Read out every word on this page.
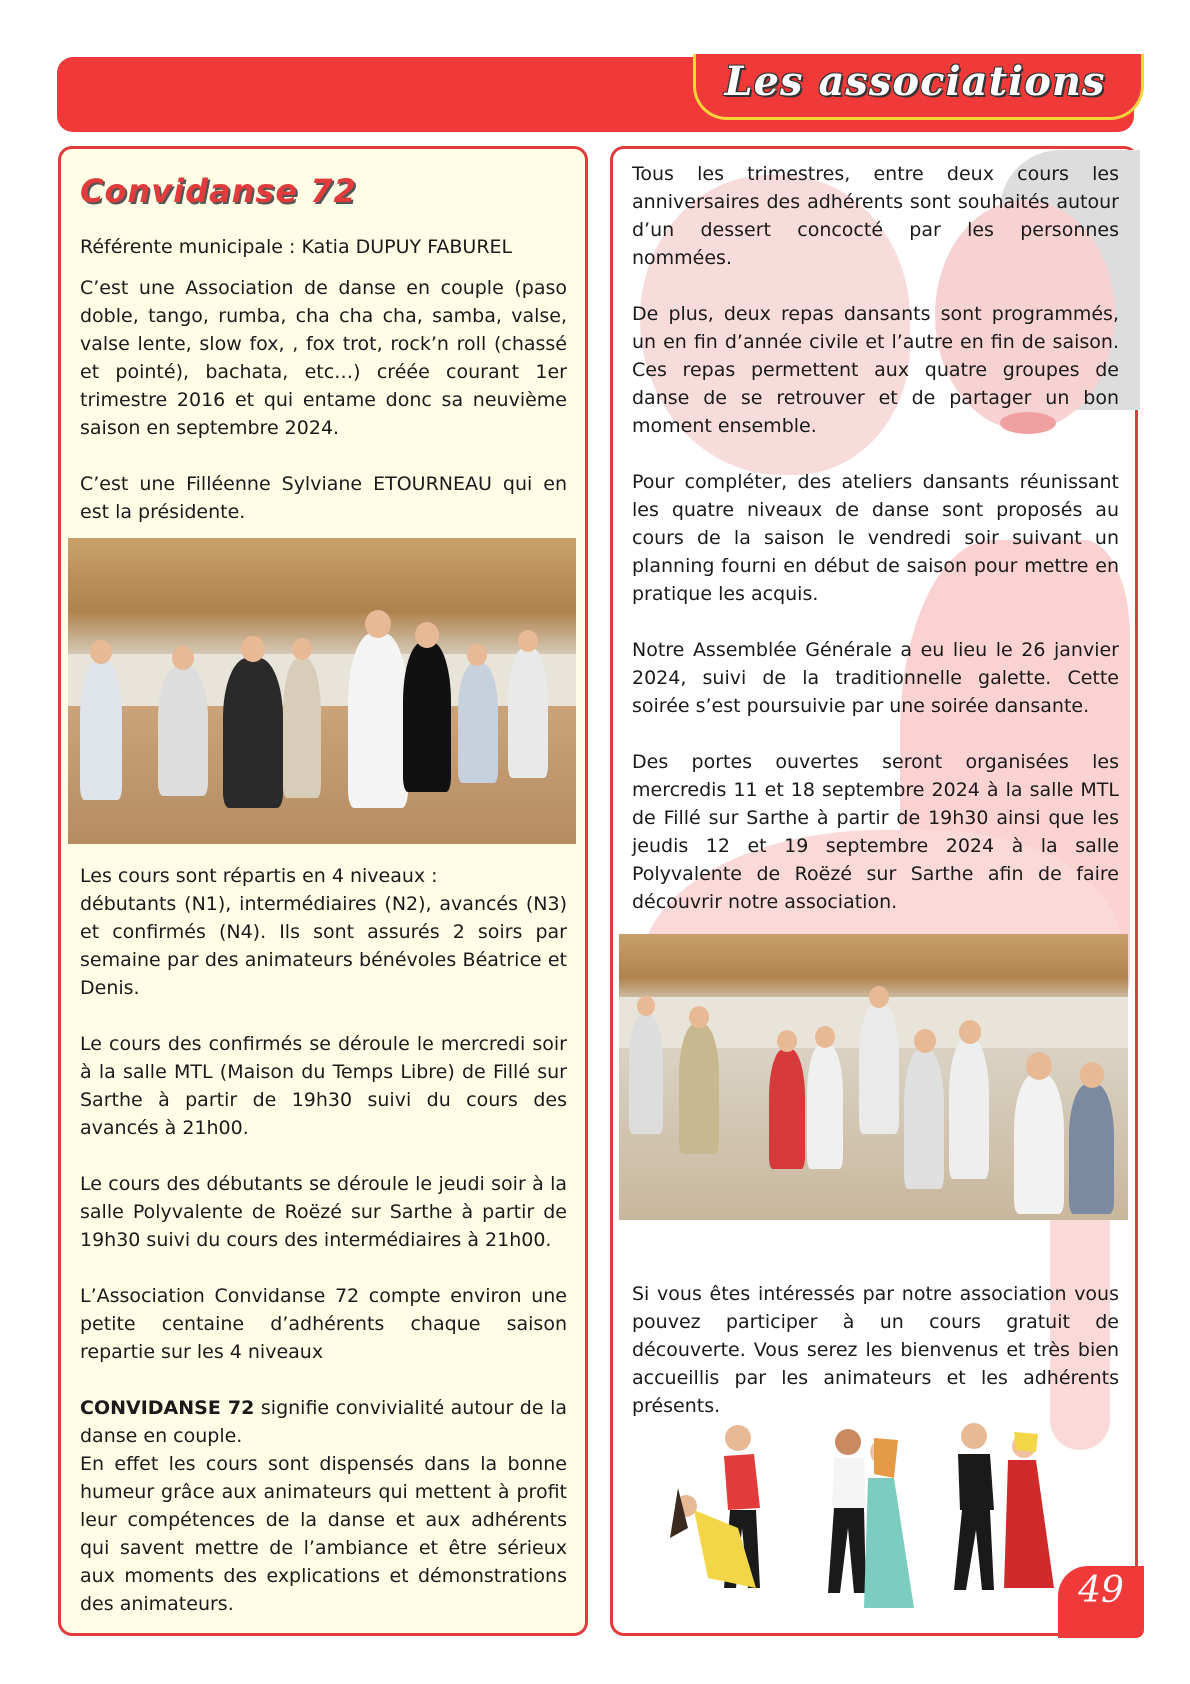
Les associations
Convidanse 72
Référente municipale : Katia DUPUY FABUREL

C’est une Association de danse en couple (paso doble, tango, rumba, cha cha cha, samba, valse, valse lente, slow fox, , fox trot, rock’n roll (chassé et pointé), bachata, etc…) créée courant 1er trimestre 2016 et qui entame donc sa neuvième saison en septembre 2024.

C’est une Filléenne Sylviane ETOURNEAU qui en est la présidente.

Les cours sont répartis en 4 niveaux :
débutants (N1), intermédiaires (N2), avancés (N3) et confirmés (N4). Ils sont assurés 2 soirs par semaine par des animateurs bénévoles Béatrice et Denis.

Le cours des confirmés se déroule le mercredi soir à la salle MTL (Maison du Temps Libre) de Fillé sur Sarthe à partir de 19h30 suivi du cours des avancés à 21h00.

Le cours des débutants se déroule le jeudi soir à la salle Polyvalente de Roëzé sur Sarthe à partir de 19h30 suivi du cours des intermédiaires à 21h00.

L’Association Convidanse 72 compte environ une petite centaine d’adhérents chaque saison repartie sur les 4 niveaux

CONVIDANSE 72 signifie convivialité autour de la danse en couple.
En effet les cours sont dispensés dans la bonne humeur grâce aux animateurs qui mettent à profit leur compétences de la danse et aux adhérents qui savent mettre de l’ambiance et être sérieux aux moments des explications et démonstrations des animateurs.

Tous les trimestres, entre deux cours les anniversaires des adhérents sont souhaités autour d’un dessert concocté par les personnes nommées.

De plus, deux repas dansants sont programmés, un en fin d’année civile et l’autre en fin de saison. Ces repas permettent aux quatre groupes de danse de se retrouver et de partager un bon moment ensemble.

Pour compléter, des ateliers dansants réunissant les quatre niveaux de danse sont proposés au cours de la saison le vendredi soir suivant un planning fourni en début de saison pour mettre en pratique les acquis.

Notre Assemblée Générale a eu lieu le 26 janvier 2024, suivi de la traditionnelle galette. Cette soirée s’est poursuivie par une soirée dansante.

Des portes ouvertes seront organisées les mercredis 11 et 18 septembre 2024 à la salle MTL de Fillé sur Sarthe à partir de 19h30 ainsi que les jeudis 12 et 19 septembre 2024 à la salle Polyvalente de Roëzé sur Sarthe afin de faire découvrir notre association.

Si vous êtes intéressés par notre association vous pouvez participer à un cours gratuit de découverte. Vous serez les bienvenus et très bien accueillis par les animateurs et les adhérents présents.
49
